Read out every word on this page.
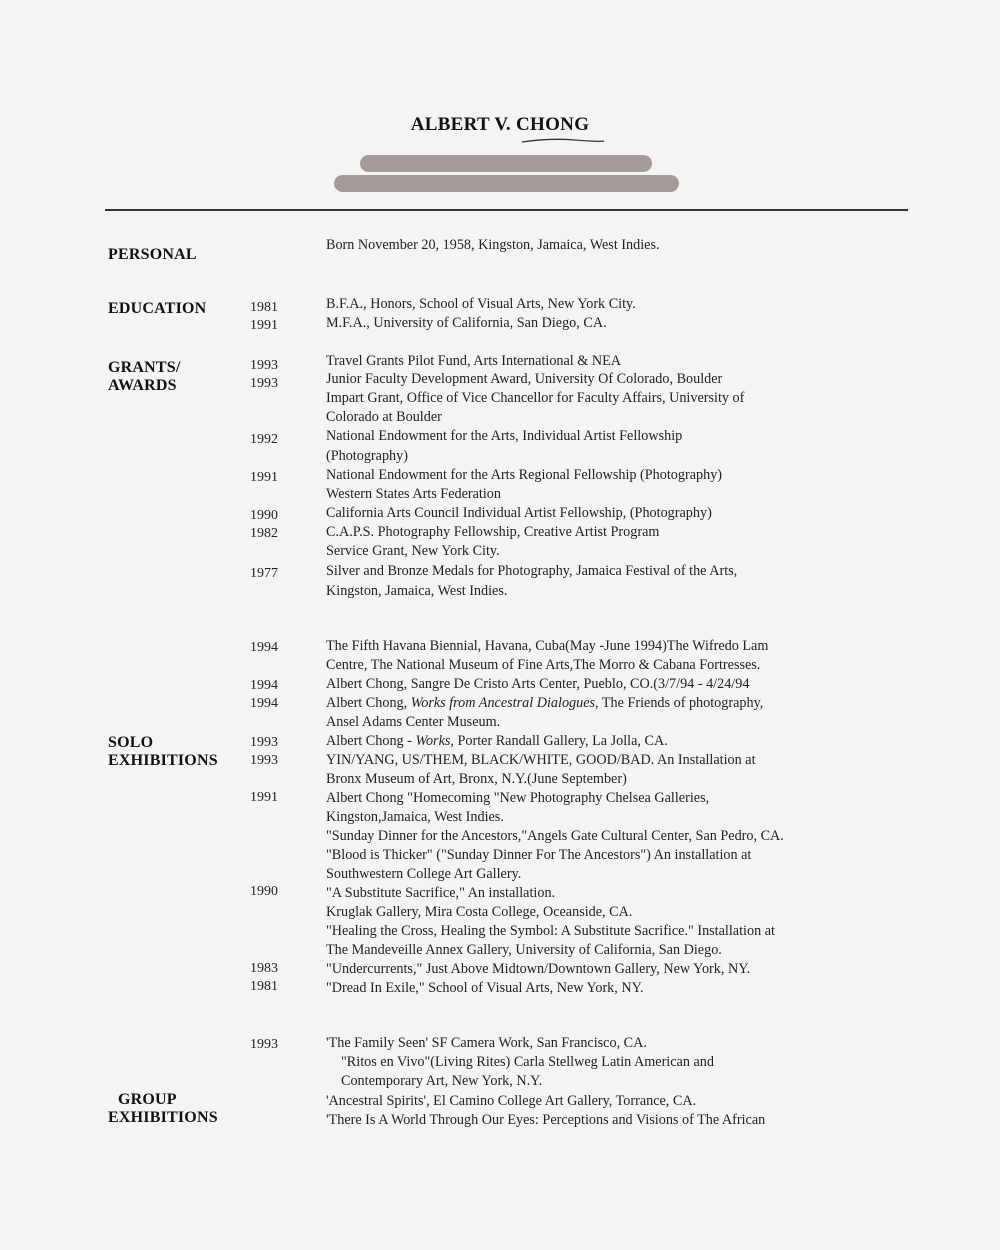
ALBERT V. CHONG
PERSONAL
Born November 20, 1958, Kingston, Jamaica, West Indies.
EDUCATION	1981
1991
B.F.A., Honors, School of Visual Arts, New York City.
M.F.A., University of California, San Diego, CA.
GRANTS/
AWARDS
1993
1993
1992
1991
1990
1982
1977
Travel Grants Pilot Fund, Arts International & NEA
Junior Faculty Development Award, University Of Colorado, Boulder
Impart Grant, Office of Vice Chancellor for Faculty Affairs, University of
Colorado at Boulder
National Endowment for the Arts, Individual Artist Fellowship
(Photography)
National Endowment for the Arts Regional Fellowship (Photography)
Western States Arts Federation
California Arts Council Individual Artist Fellowship, (Photography)
C.A.P.S. Photography Fellowship, Creative Artist Program
Service Grant, New York City.
Silver and Bronze Medals for Photography, Jamaica Festival of the Arts,
Kingston, Jamaica, West Indies.
SOLO
EXHIBITIONS
1994
1994
1994
1993
1993
1991
1990
1983
1981
The Fifth Havana Biennial, Havana, Cuba(May -June 1994)The Wifredo Lam
Centre, The National Museum of Fine Arts,The Morro & Cabana Fortresses.
Albert Chong, Sangre De Cristo Arts Center, Pueblo, CO.(3/7/94 - 4/24/94
Albert Chong, Works from Ancestral Dialogues, The Friends of photography,
Ansel Adams Center Museum.
Albert Chong - Works, Porter Randall Gallery, La Jolla, CA.
YIN/YANG, US/THEM, BLACK/WHITE, GOOD/BAD. An Installation at
Bronx Museum of Art, Bronx, N.Y.(June September)
Albert Chong "Homecoming "New Photography Chelsea Galleries,
Kingston,Jamaica, West Indies.
"Sunday Dinner for the Ancestors,"Angels Gate Cultural Center, San Pedro, CA.
"Blood is Thicker" ("Sunday Dinner For The Ancestors") An installation at
Southwestern College Art Gallery.
"A Substitute Sacrifice," An installation.
Kruglak Gallery, Mira Costa College, Oceanside, CA.
"Healing the Cross, Healing the Symbol: A Substitute Sacrifice." Installation at
The Mandeveille Annex Gallery, University of California, San Diego.
"Undercurrents," Just Above Midtown/Downtown Gallery, New York, NY.
"Dread In Exile," School of Visual Arts, New York, NY.
GROUP
EXHIBITIONS
1993	'The Family Seen' SF Camera Work, San Francisco, CA.
"Ritos en Vivo"(Living Rites) Carla Stellweg Latin American and
Contemporary Art, New York, N.Y.
'Ancestral Spirits', El Camino College Art Gallery, Torrance, CA.
'There Is A World Through Our Eyes: Perceptions and Visions of The African
